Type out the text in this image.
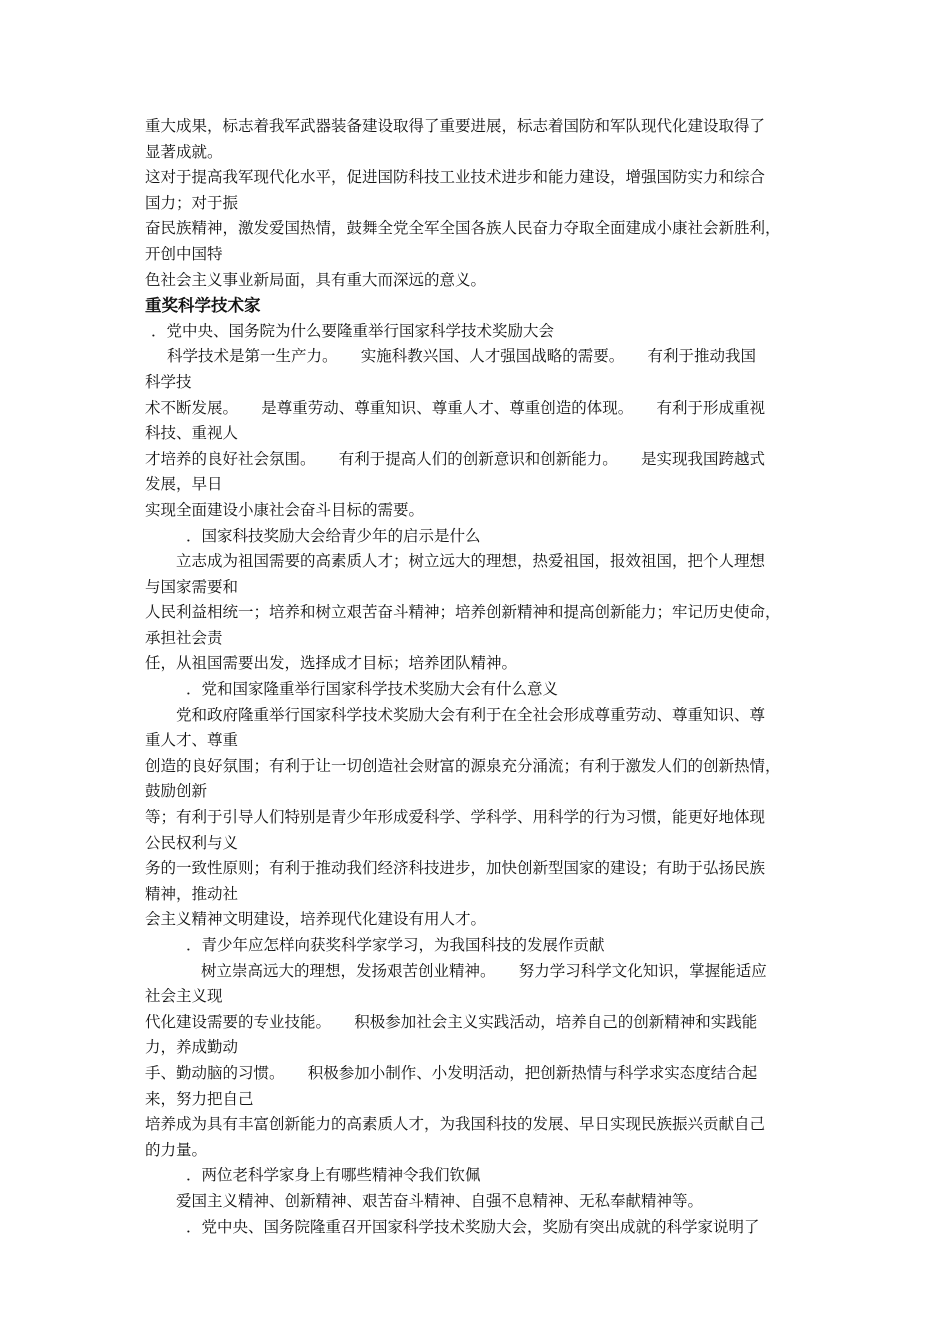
重大成果，标志着我军武器装备建设取得了重要进展，标志着国防和军队现代化建设取得了
显著成就。
这对于提高我军现代化水平，促进国防科技工业技术进步和能力建设，增强国防实力和综合
国力；对于振
奋民族精神，激发爱国热情，鼓舞全党全军全国各族人民奋力夺取全面建成小康社会新胜利，
开创中国特
色社会主义事业新局面，具有重大而深远的意义。
重奖科学技术家
．党中央、国务院为什么要隆重举行国家科学技术奖励大会
科学技术是第一生产力。　　实施科教兴国、人才强国战略的需要。　　有利于推动我国
科学技
术不断发展。　　是尊重劳动、尊重知识、尊重人才、尊重创造的体现。　　有利于形成重视
科技、重视人
才培养的良好社会氛围。　　有利于提高人们的创新意识和创新能力。　　是实现我国跨越式
发展，早日
实现全面建设小康社会奋斗目标的需要。
．国家科技奖励大会给青少年的启示是什么
立志成为祖国需要的高素质人才；树立远大的理想，热爱祖国，报效祖国，把个人理想
与国家需要和
人民利益相统一；培养和树立艰苦奋斗精神；培养创新精神和提高创新能力；牢记历史使命，
承担社会责
任，从祖国需要出发，选择成才目标；培养团队精神。
．党和国家隆重举行国家科学技术奖励大会有什么意义
党和政府隆重举行国家科学技术奖励大会有利于在全社会形成尊重劳动、尊重知识、尊
重人才、尊重
创造的良好氛围；有利于让一切创造社会财富的源泉充分涌流；有利于激发人们的创新热情，
鼓励创新
等；有利于引导人们特别是青少年形成爱科学、学科学、用科学的行为习惯，能更好地体现
公民权利与义
务的一致性原则；有利于推动我们经济科技进步，加快创新型国家的建设；有助于弘扬民族
精神，推动社
会主义精神文明建设，培养现代化建设有用人才。
．青少年应怎样向获奖科学家学习，为我国科技的发展作贡献
树立崇高远大的理想，发扬艰苦创业精神。　　努力学习科学文化知识，掌握能适应
社会主义现
代化建设需要的专业技能。　　积极参加社会主义实践活动，培养自己的创新精神和实践能
力，养成勤动
手、勤动脑的习惯。　　积极参加小制作、小发明活动，把创新热情与科学求实态度结合起
来，努力把自己
培养成为具有丰富创新能力的高素质人才，为我国科技的发展、早日实现民族振兴贡献自己
的力量。
．两位老科学家身上有哪些精神令我们钦佩
爱国主义精神、创新精神、艰苦奋斗精神、自强不息精神、无私奉献精神等。
．党中央、国务院隆重召开国家科学技术奖励大会，奖励有突出成就的科学家说明了
